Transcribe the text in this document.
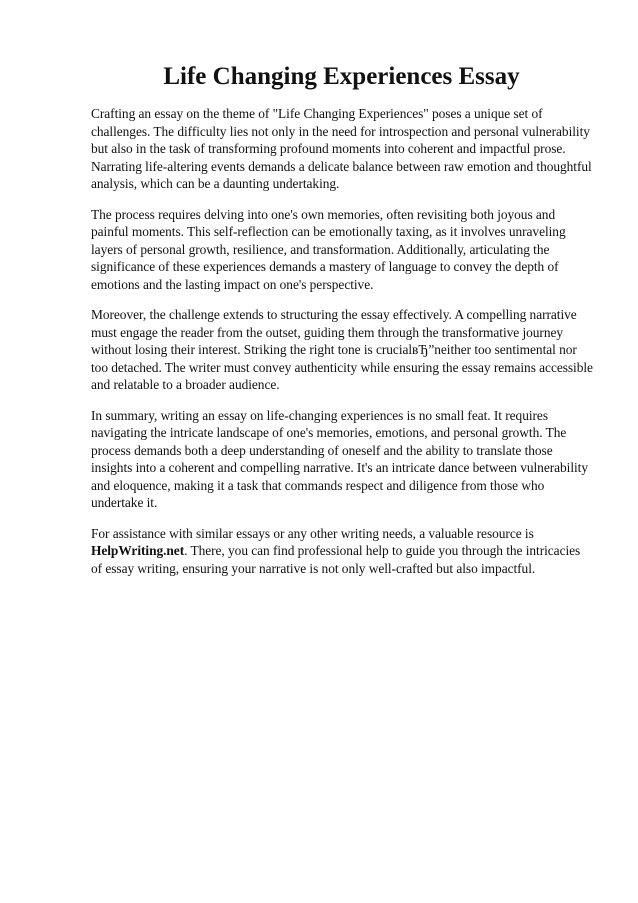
Life Changing Experiences Essay

Crafting an essay on the theme of "Life Changing Experiences" poses a unique set of challenges. The difficulty lies not only in the need for introspection and personal vulnerability but also in the task of transforming profound moments into coherent and impactful prose. Narrating life-altering events demands a delicate balance between raw emotion and thoughtful analysis, which can be a daunting undertaking.

The process requires delving into one's own memories, often revisiting both joyous and painful moments. This self-reflection can be emotionally taxing, as it involves unraveling layers of personal growth, resilience, and transformation. Additionally, articulating the significance of these experiences demands a mastery of language to convey the depth of emotions and the lasting impact on one's perspective.

Moreover, the challenge extends to structuring the essay effectively. A compelling narrative must engage the reader from the outset, guiding them through the transformative journey without losing their interest. Striking the right tone is crucialвЂ”neither too sentimental nor too detached. The writer must convey authenticity while ensuring the essay remains accessible and relatable to a broader audience.

In summary, writing an essay on life-changing experiences is no small feat. It requires navigating the intricate landscape of one's memories, emotions, and personal growth. The process demands both a deep understanding of oneself and the ability to translate those insights into a coherent and compelling narrative. It's an intricate dance between vulnerability and eloquence, making it a task that commands respect and diligence from those who undertake it.

For assistance with similar essays or any other writing needs, a valuable resource is HelpWriting.net. There, you can find professional help to guide you through the intricacies of essay writing, ensuring your narrative is not only well-crafted but also impactful.
